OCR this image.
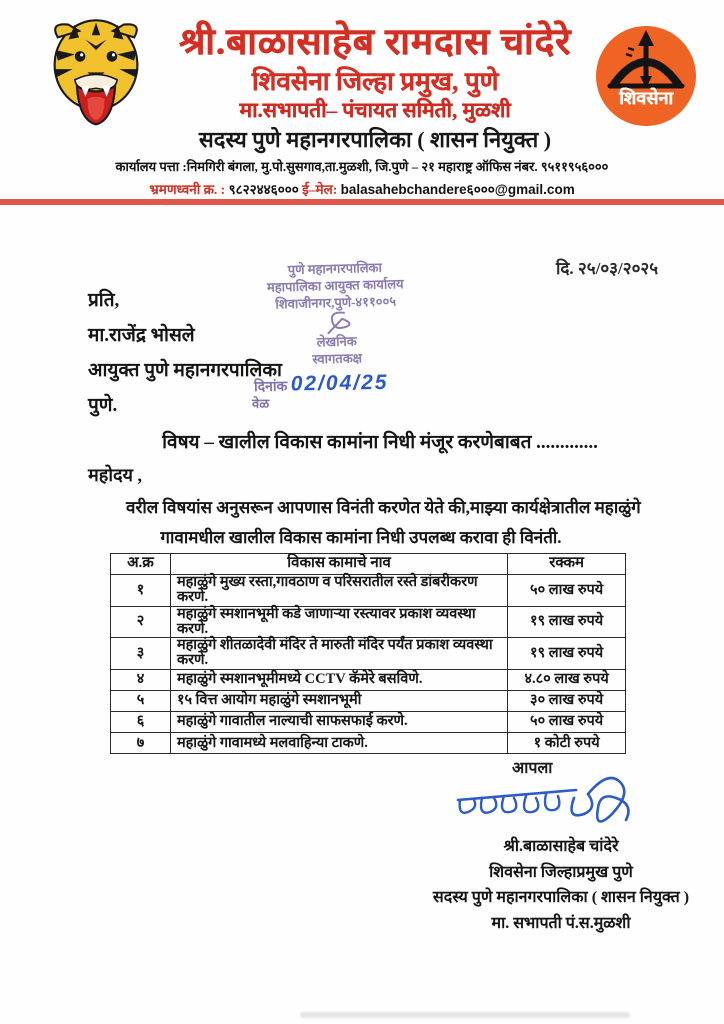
शिवसेना
श्री.बाळासाहेब रामदास चांदेरे
शिवसेना जिल्हा प्रमुख, पुणे
मा.सभापती– पंचायत समिती, मुळशी
सदस्य पुणे महानगरपालिका ( शासन नियुक्त )
कार्यालय पत्ता :निमगिरी बंगला, मु.पो.सुसगाव,ता.मुळशी, जि.पुणे – २१ महाराष्ट्र ऑफिस नंबर. ९५११९५६०००
भ्रमणध्वनी क्र. : ९८२२४४६००० ई–मेल: balasahebchandere६०००@gmail.com
दि. २५/०३/२०२५
पुणे महानगरपालिका
महापालिका आयुक्त कार्यालय
शिवाजीनगर,पुणे-४११००५
लेखनिक
स्वागतकक्ष
दिनांक 02/04/25
वेळ
प्रति,
मा.राजेंद्र भोसले
आयुक्त पुणे महानगरपालिका
पुणे.
विषय – खालील विकास कामांना निधी मंजूर करणेबाबत .............
महोदय ,
वरील विषयांस अनुसरून आपणास विनंती करणेत येते की,माझ्या कार्यक्षेत्रातील महाळुंगे
गावामधील खालील विकास कामांना निधी उपलब्ध करावा ही विनंती.
अ.क्र	विकास कामाचे नाव	रक्कम
१	महाळुंगे मुख्य रस्ता,गावठाण व परिसरातील रस्ते डांबरीकरण करणे.	५० लाख रुपये
२	महाळुंगे स्मशानभूमी कडे जाणाऱ्या रस्त्यावर प्रकाश व्यवस्था करणे.	१९ लाख रुपये
३	महाळुंगे शीतळादेवी मंदिर ते मारुती मंदिर पर्यंत प्रकाश व्यवस्था करणे.	१९ लाख रुपये
४	महाळुंगे स्मशानभूमीमध्ये CCTV कॅमेरे बसविणे.	४.८० लाख रुपये
५	१५ वित्त आयोग महाळुंगे स्मशानभूमी	३० लाख रुपये
६	महाळुंगे गावातील नाल्याची साफसफाई करणे.	५० लाख रुपये
७	महाळुंगे गावामध्ये मलवाहिन्या टाकणे.	१ कोटी रुपये
आपला
श्री.बाळासाहेब चांदेरे
शिवसेना जिल्हाप्रमुख पुणे
सदस्य पुणे महानगरपालिका ( शासन नियुक्त )
मा. सभापती पं.स.मुळशी
